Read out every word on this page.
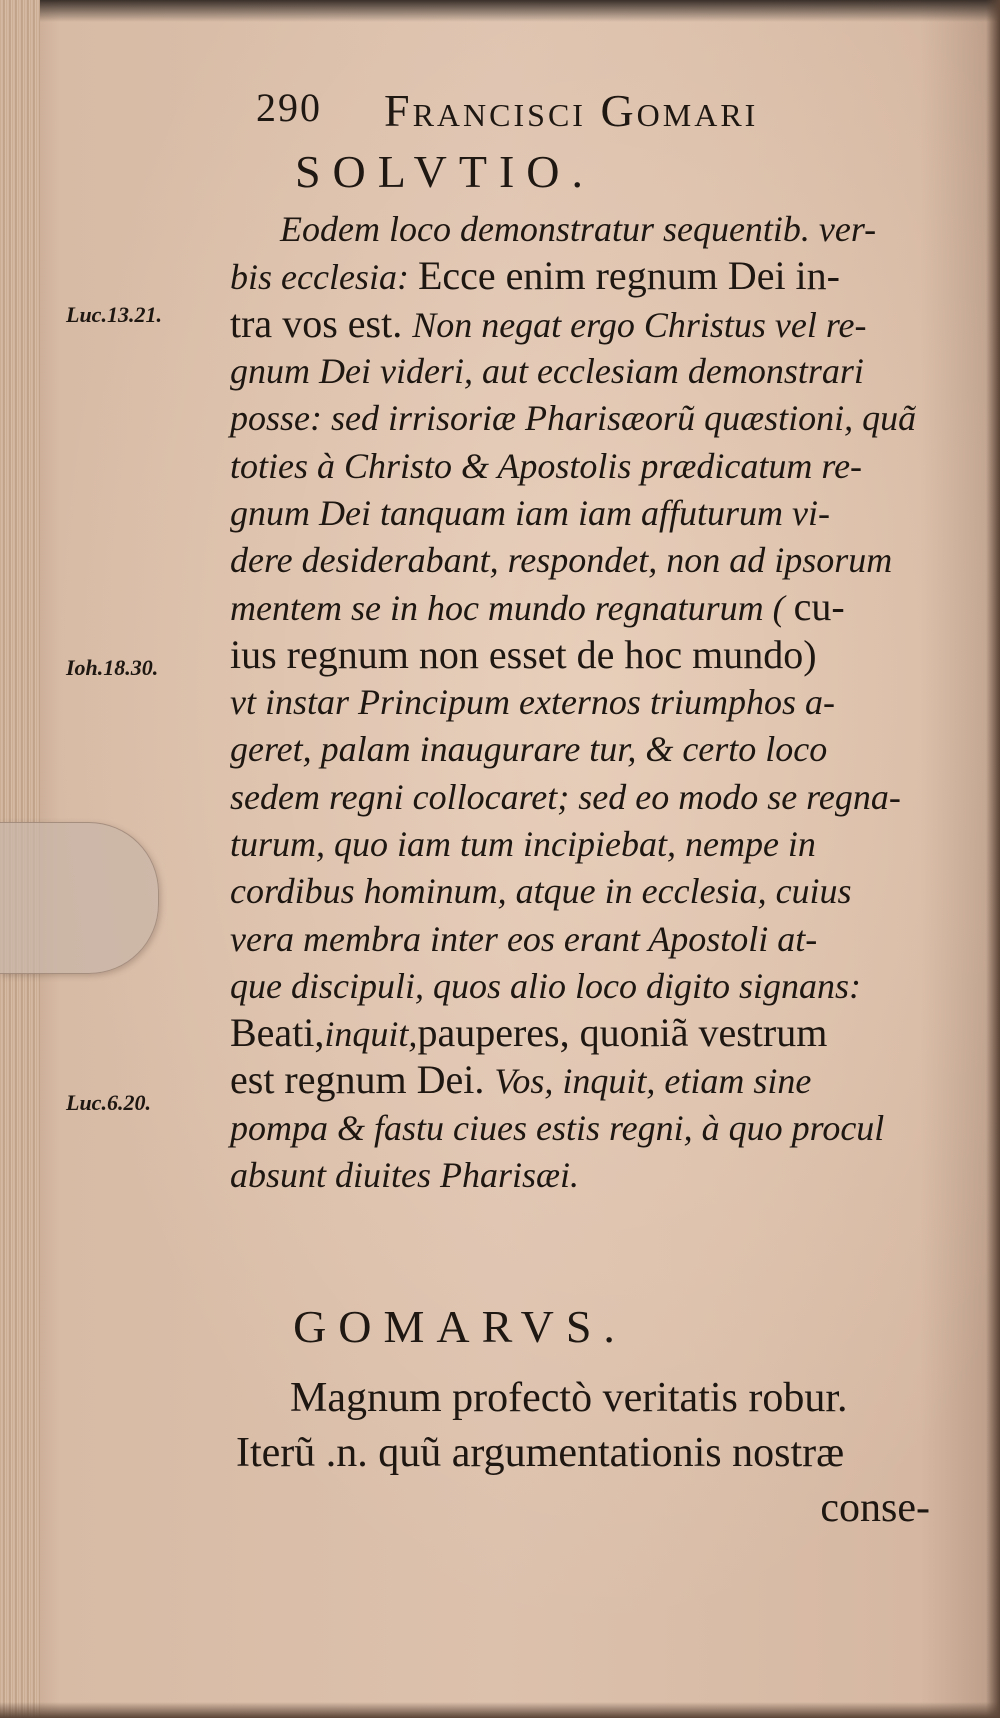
290 Francisci Gomari
SOLVTIO.
Eodem loco demonstratur sequentib. ver-
bis ecclesia: Ecce enim regnum Dei in-
tra vos est. Non negat ergo Christus vel re-
gnum Dei videri, aut ecclesiam demonstrari
posse: sed irrisoriæ Pharisæorũ quæstioni, quã
toties à Christo & Apostolis prædicatum re-
gnum Dei tanquam iam iam affuturum vi-
dere desiderabant, respondet, non ad ipsorum
mentem se in hoc mundo regnaturum ( cu-
ius regnum non esset de hoc mundo)
vt instar Principum externos triumphos a-
geret, palam inaugurare tur, & certo loco
sedem regni collocaret; sed eo modo se regna-
turum, quo iam tum incipiebat, nempe in
cordibus hominum, atque in ecclesia, cuius
vera membra inter eos erant Apostoli at-
que discipuli, quos alio loco digito signans:
Beati,inquit,pauperes, quoniã vestrum
est regnum Dei. Vos, inquit, etiam sine
pompa & fastu ciues estis regni, à quo procul
absunt diuites Pharisæi.
Luc.13.21.
Ioh.18.30.
Luc.6.20.
GOMARVS.
Magnum profectò veritatis robur.
Iterũ .n. quũ argumentationis nostræ
conse-
